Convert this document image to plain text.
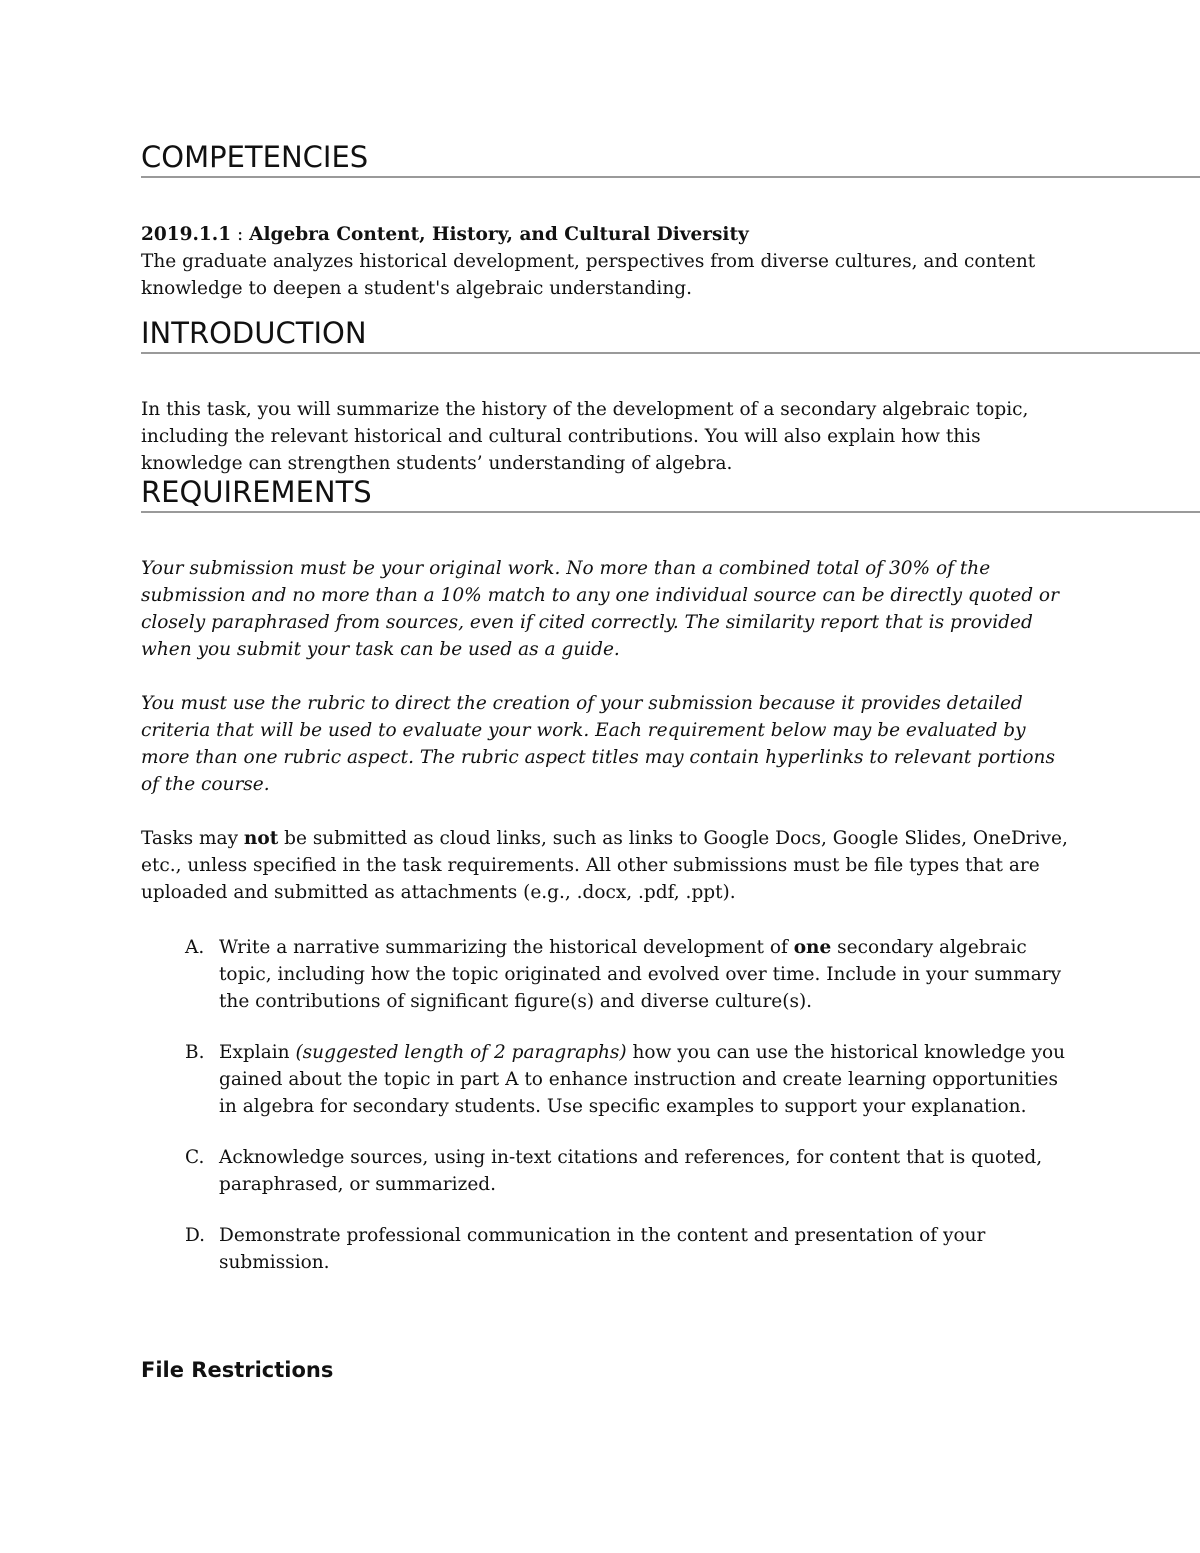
COMPETENCIES
2019.1.1 : Algebra Content, History, and Cultural Diversity
The graduate analyzes historical development, perspectives from diverse cultures, and content knowledge to deepen a student's algebraic understanding.
INTRODUCTION

In this task, you will summarize the history of the development of a secondary algebraic topic, including the relevant historical and cultural contributions. You will also explain how this knowledge can strengthen students’ understanding of algebra.

REQUIREMENTS

Your submission must be your original work. No more than a combined total of 30% of the submission and no more than a 10% match to any one individual source can be directly quoted or closely paraphrased from sources, even if cited correctly. The similarity report that is provided when you submit your task can be used as a guide.

You must use the rubric to direct the creation of your submission because it provides detailed criteria that will be used to evaluate your work. Each requirement below may be evaluated by more than one rubric aspect. The rubric aspect titles may contain hyperlinks to relevant portions of the course.

Tasks may not be submitted as cloud links, such as links to Google Docs, Google Slides, OneDrive, etc., unless specified in the task requirements. All other submissions must be file types that are uploaded and submitted as attachments (e.g., .docx, .pdf, .ppt).

A. Write a narrative summarizing the historical development of one secondary algebraic topic, including how the topic originated and evolved over time. Include in your summary the contributions of significant figure(s) and diverse culture(s).
B. Explain (suggested length of 2 paragraphs) how you can use the historical knowledge you gained about the topic in part A to enhance instruction and create learning opportunities in algebra for secondary students. Use specific examples to support your explanation.
C. Acknowledge sources, using in-text citations and references, for content that is quoted, paraphrased, or summarized.
D. Demonstrate professional communication in the content and presentation of your submission.
File Restrictions
